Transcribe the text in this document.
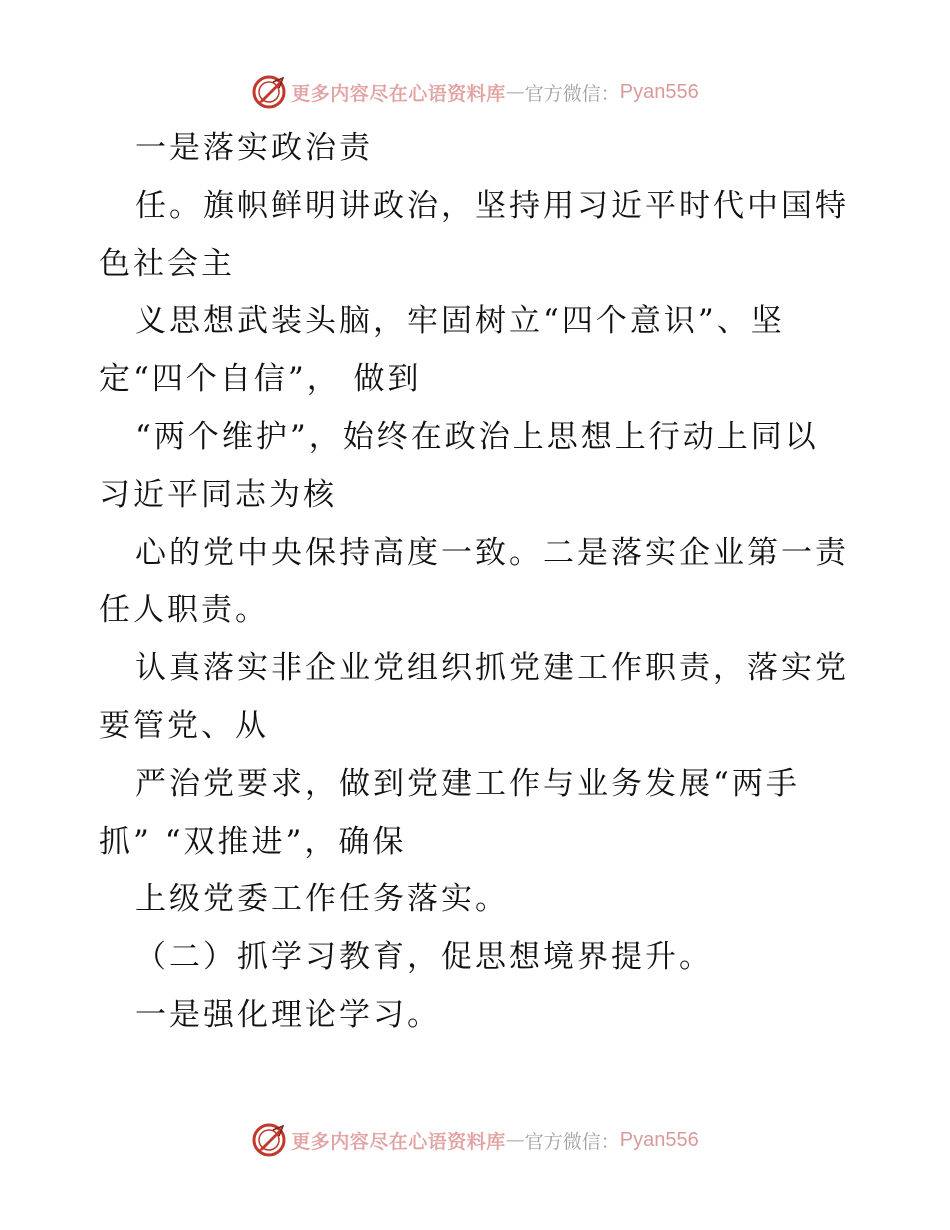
更多内容尽在心语资料库 — 官方微信： Pyan556
一是落实政治责
任。旗帜鲜明讲政治，坚持用习近平时代中国特
色社会主
义思想武装头脑，牢固树立“四个意识”、坚
定“四个自信”， 做到
“两个维护”，始终在政治上思想上行动上同以
习近平同志为核
心的党中央保持高度一致。二是落实企业第一责
任人职责。
认真落实非企业党组织抓党建工作职责，落实党
要管党、从
严治党要求，做到党建工作与业务发展“两手
抓” “双推进”，确保
上级党委工作任务落实。
（二）抓学习教育，促思想境界提升。
一是强化理论学习。
更多内容尽在心语资料库 — 官方微信： Pyan556
